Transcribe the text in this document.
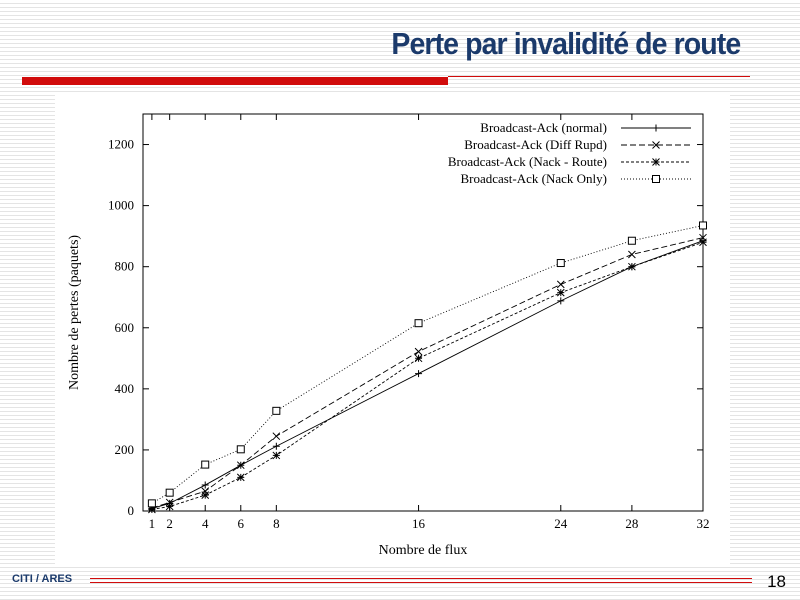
Perte par invalidité de route
0
200
400
600
800
1000
1200
1 2 4 6 8	16	24	28	32
Nombre de flux
Nombre de pertes (paquets)
Broadcast-Ack (normal)
Broadcast-Ack (Diff Rupd)
Broadcast-Ack (Nack - Route)
Broadcast-Ack (Nack Only)
CITI / ARES	18
